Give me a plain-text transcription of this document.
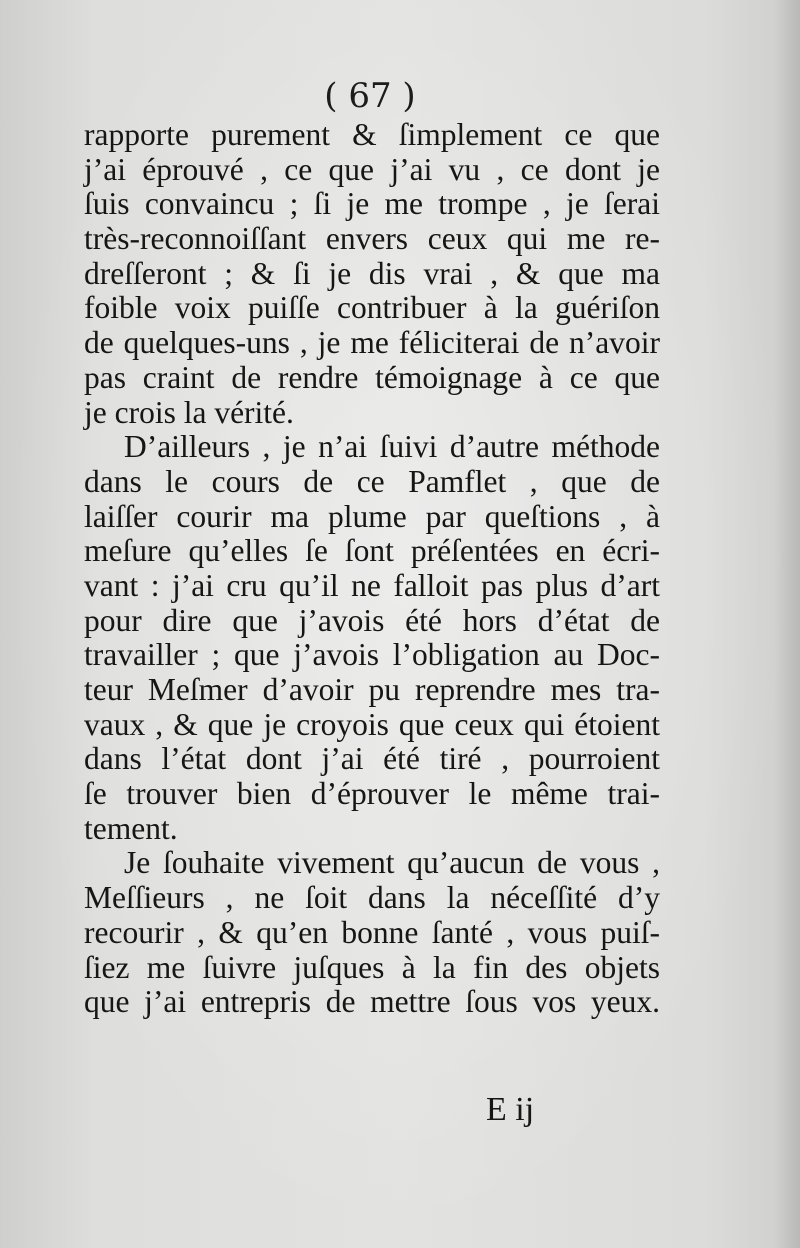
( 67 )
rapporte purement & ſimplement ce que
j’ai éprouvé , ce que j’ai vu , ce dont je
ſuis convaincu ; ſi je me trompe , je ſerai
très-reconnoiſſant envers ceux qui me re-
dreſſeront ; & ſi je dis vrai , & que ma
foible voix puiſſe contribuer à la guériſon
de quelques-uns , je me féliciterai de n’avoir
pas craint de rendre témoignage à ce que
je crois la vérité.
D’ailleurs , je n’ai ſuivi d’autre méthode
dans le cours de ce Pamflet , que de
laiſſer courir ma plume par queſtions , à
meſure qu’elles ſe ſont préſentées en écri-
vant : j’ai cru qu’il ne falloit pas plus d’art
pour dire que j’avois été hors d’état de
travailler ; que j’avois l’obligation au Doc-
teur Meſmer d’avoir pu reprendre mes tra-
vaux , & que je croyois que ceux qui étoient
dans l’état dont j’ai été tiré , pourroient
ſe trouver bien d’éprouver le même trai-
tement.
Je ſouhaite vivement qu’aucun de vous ,
Meſſieurs , ne ſoit dans la néceſſité d’y
recourir , & qu’en bonne ſanté , vous puiſ-
ſiez me ſuivre juſques à la fin des objets
que j’ai entrepris de mettre ſous vos yeux.
E ij
